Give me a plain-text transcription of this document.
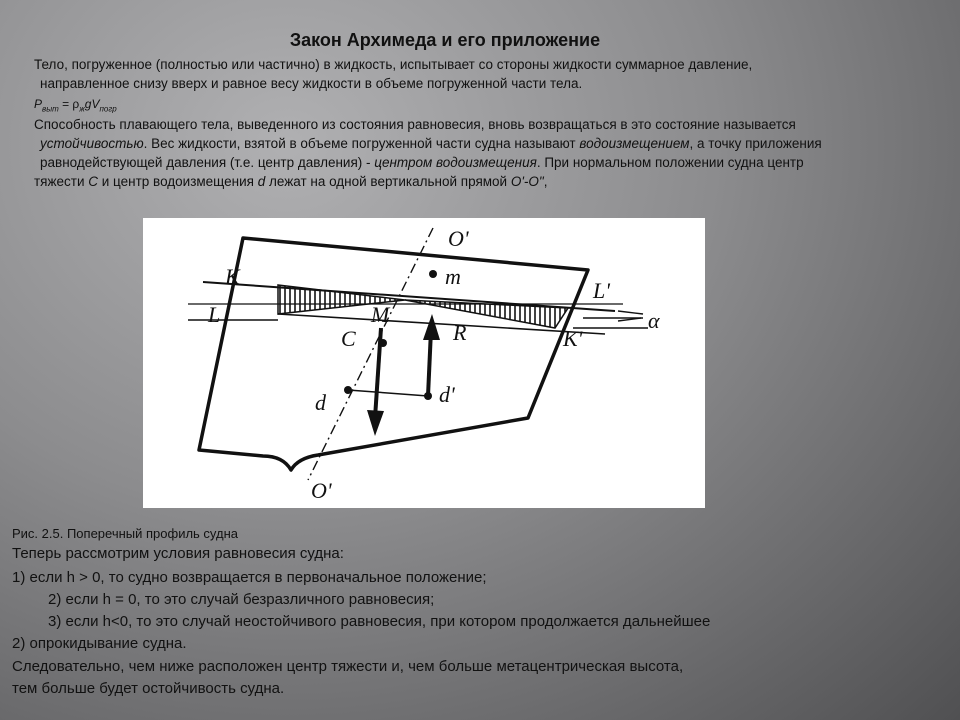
Закон Архимеда и его приложение
Тело, погруженное (полностью или частично) в жидкость, испытывает со стороны жидкости суммарное давление,
направленное снизу вверх и равное весу жидкости в объеме погруженной части тела.
$P_{выт} = \rho_жgV_{погр}$
Способность плавающего тела, выведенного из состояния равновесия, вновь возвращаться в это состояние называется
устойчивостью. Вес жидкости, взятой в объеме погруженной части судна называют водоизмещением, а точку приложения
равнодействующей давления (т.е. центр давления) - центром водоизмещения. При нормальном положении судна центр
тяжести C и центр водоизмещения d лежат на одной вертикальной прямой O'-O",
O'
O'
K
L'
L
K'
m
M
C	R
d	d'
α
Рис. 2.5. Поперечный профиль судна
Теперь рассмотрим условия равновесия судна:
1) если h > 0, то судно возвращается в первоначальное положение;
2) если h = 0, то это случай безразличного равновесия;
3) если h<0, то это случай неостойчивого равновесия, при котором продолжается дальнейшее
2) опрокидывание судна.
Следовательно, чем ниже расположен центр тяжести и, чем больше метацентрическая высота,
тем больше будет остойчивость судна.
